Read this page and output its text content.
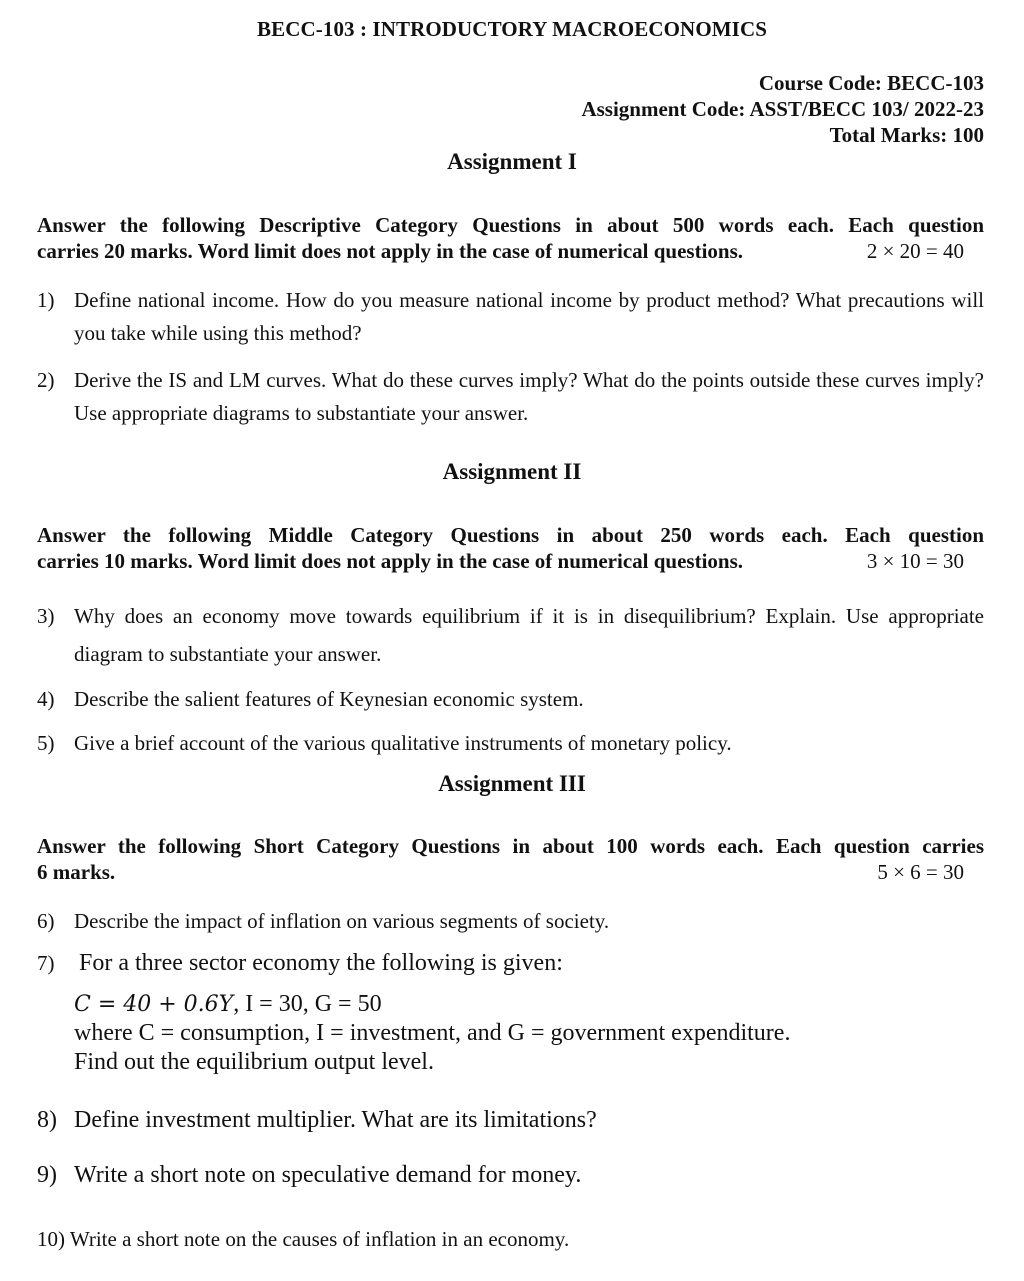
BECC-103 : INTRODUCTORY MACROECONOMICS
Course Code: BECC-103
Assignment Code: ASST/BECC 103/ 2022-23
Total Marks: 100
Assignment I
Answer the following Descriptive Category Questions in about 500 words each. Each question
carries 20 marks. Word limit does not apply in the case of numerical questions.	2 × 20 = 40
1) Define national income. How do you measure national income by product method? What precautions will you take while using this method?
2) Derive the IS and LM curves. What do these curves imply? What do the points outside these curves imply? Use appropriate diagrams to substantiate your answer.
Assignment II
Answer the following Middle Category Questions in about 250 words each. Each question
carries 10 marks. Word limit does not apply in the case of numerical questions.	3 × 10 = 30
3) Why does an economy move towards equilibrium if it is in disequilibrium? Explain. Use appropriate diagram to substantiate your answer.
4) Describe the salient features of Keynesian economic system.
5) Give a brief account of the various qualitative instruments of monetary policy.
Assignment III
Answer the following Short Category Questions in about 100 words each. Each question carries
6 marks.	5 × 6 = 30
6) Describe the impact of inflation on various segments of society.
7) For a three sector economy the following is given:
C = 40 + 0.6Y, I = 30, G = 50
where C = consumption, I = investment, and G = government expenditure.
Find out the equilibrium output level.
8) Define investment multiplier. What are its limitations?
9) Write a short note on speculative demand for money.
10) Write a short note on the causes of inflation in an economy.
